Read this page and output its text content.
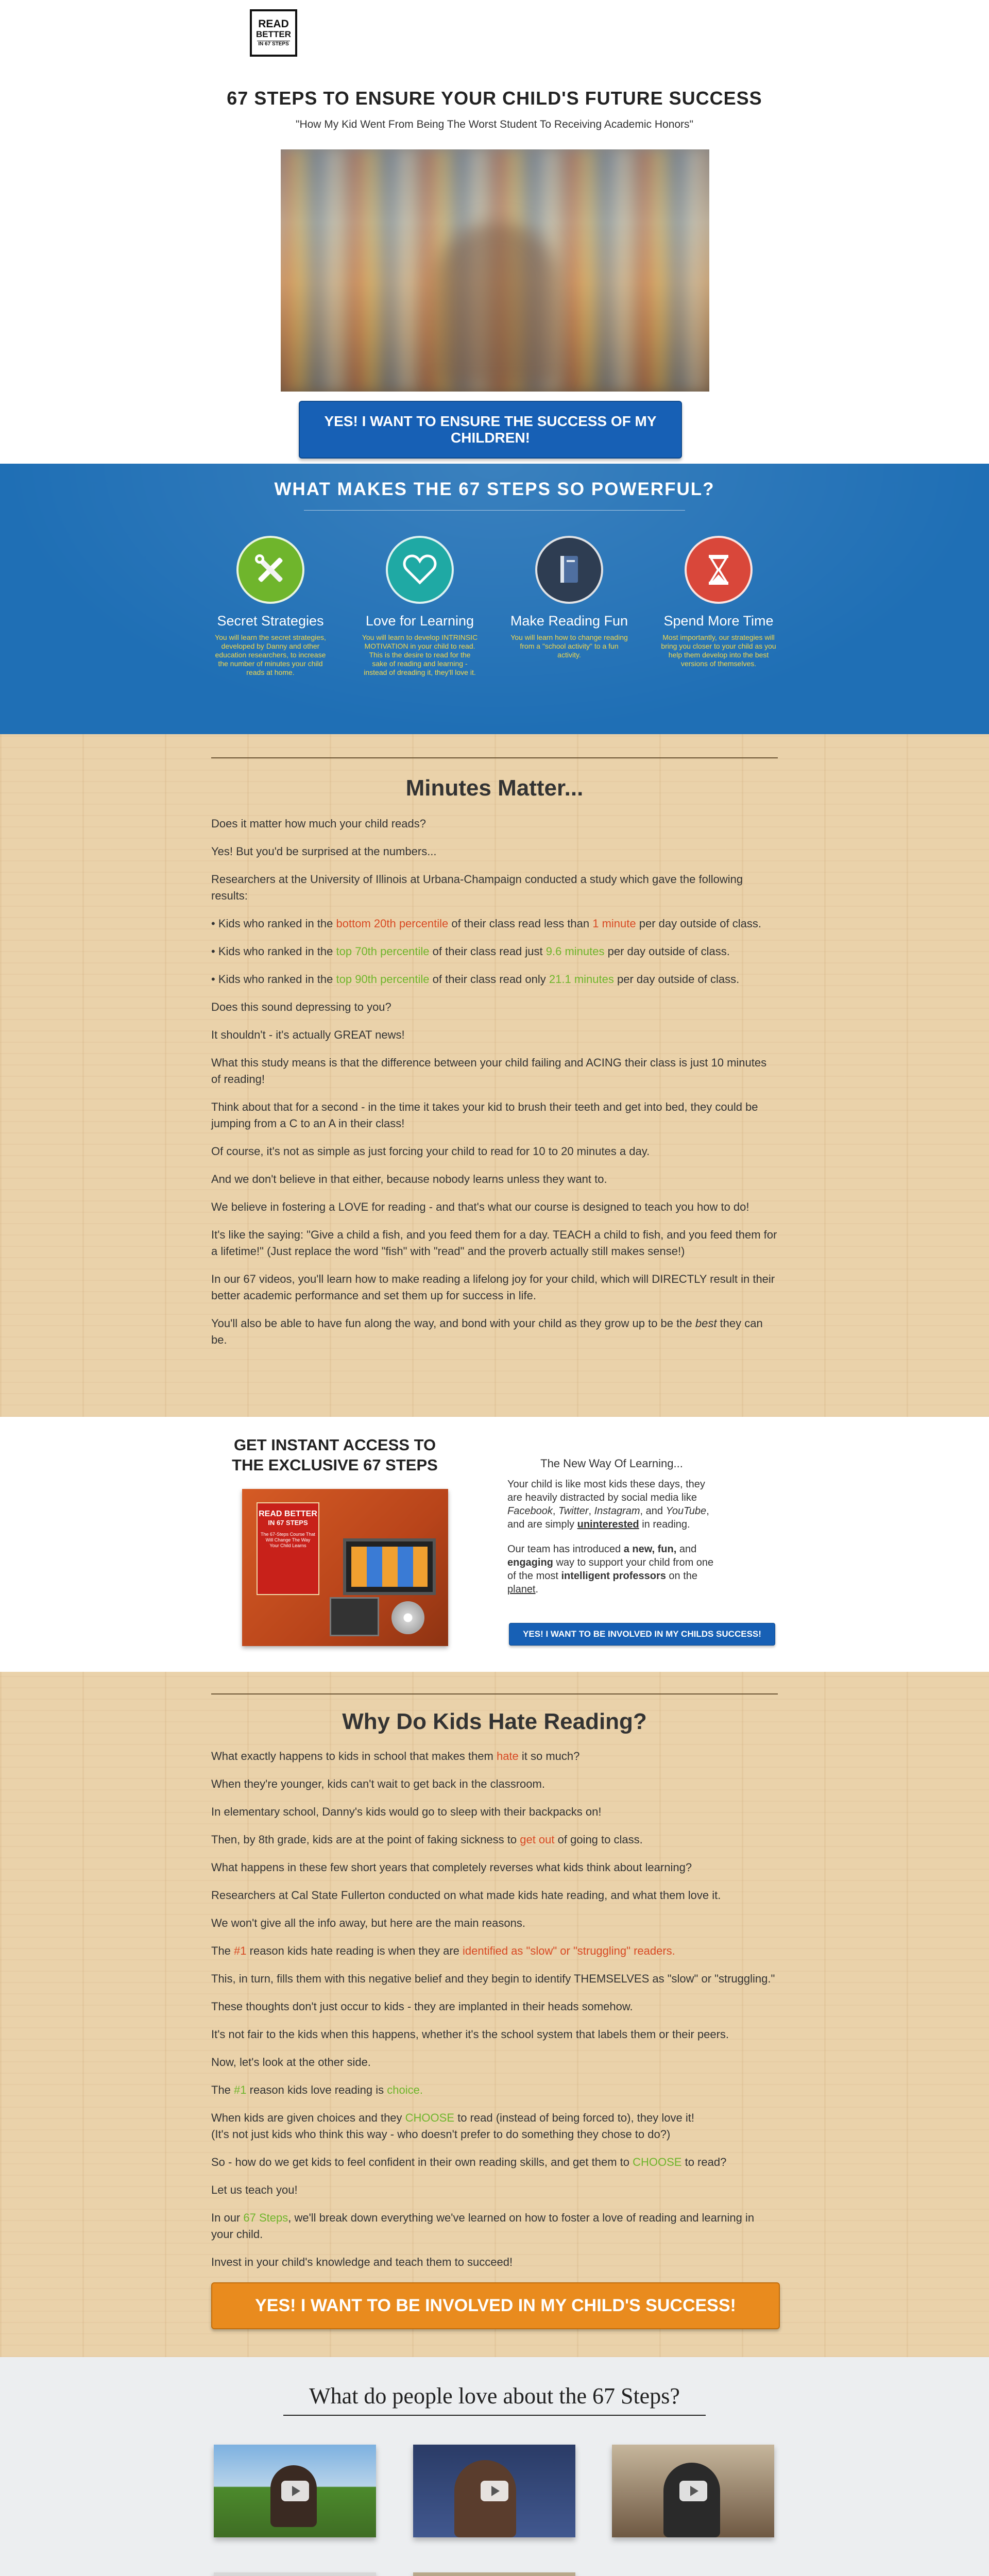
READ
BETTER
IN 67 STEPS
67 STEPS TO ENSURE YOUR CHILD'S FUTURE SUCCESS
"How My Kid Went From Being The Worst Student To Receiving Academic Honors"
YES! I WANT TO ENSURE THE SUCCESS OF MY CHILDREN!
WHAT MAKES THE 67 STEPS SO POWERFUL?
Secret Strategies

You will learn the secret strategies, developed by Danny and other education researchers, to increase the number of minutes your child reads at home.

Love for Learning

You will learn to develop INTRINSIC MOTIVATION in your child to read. This is the desire to read for the sake of reading and learning - instead of dreading it, they'll love it.

Make Reading Fun

You will learn how to change reading from a "school activity" to a fun activity.

Spend More Time

Most importantly, our strategies will bring you closer to your child as you help them develop into the best versions of themselves.

Minutes Matter...

Does it matter how much your child reads?

Yes! But you'd be surprised at the numbers...

Researchers at the University of Illinois at Urbana-Champaign conducted a study which gave the following results:

• Kids who ranked in the bottom 20th percentile of their class read less than 1 minute per day outside of class.

• Kids who ranked in the top 70th percentile of their class read just 9.6 minutes per day outside of class.

• Kids who ranked in the top 90th percentile of their class read only 21.1 minutes per day outside of class.

Does this sound depressing to you?

It shouldn't - it's actually GREAT news!

What this study means is that the difference between your child failing and ACING their class is just 10 minutes of reading!

Think about that for a second - in the time it takes your kid to brush their teeth and get into bed, they could be jumping from a C to an A in their class!

Of course, it's not as simple as just forcing your child to read for 10 to 20 minutes a day.

And we don't believe in that either, because nobody learns unless they want to.

We believe in fostering a LOVE for reading - and that's what our course is designed to teach you how to do!

It's like the saying: "Give a child a fish, and you feed them for a day. TEACH a child to fish, and you feed them for a lifetime!" (Just replace the word "fish" with "read" and the proverb actually still makes sense!)

In our 67 videos, you'll learn how to make reading a lifelong joy for your child, which will DIRECTLY result in their better academic performance and set them up for success in life.

You'll also be able to have fun along the way, and bond with your child as they grow up to be the best they can be.

GET INSTANT ACCESS TO THE EXCLUSIVE 67 STEPS
READ BETTER
IN 67 STEPS
The 67-Steps Course That Will Change The Way Your Child Learns
The New Way Of Learning...

Your child is like most kids these days, they are heavily distracted by social media like Facebook, Twitter, Instagram, and YouTube, and are simply uninterested in reading.

Our team has introduced a new, fun, and engaging way to support your child from one of the most intelligent professors on the planet.

YES! I WANT TO BE INVOLVED IN MY CHILDS SUCCESS!
Why Do Kids Hate Reading?

What exactly happens to kids in school that makes them hate it so much?

When they're younger, kids can't wait to get back in the classroom.

In elementary school, Danny's kids would go to sleep with their backpacks on!

Then, by 8th grade, kids are at the point of faking sickness to get out of going to class.

What happens in these few short years that completely reverses what kids think about learning?

Researchers at Cal State Fullerton conducted on what made kids hate reading, and what them love it.

We won't give all the info away, but here are the main reasons.

The #1 reason kids hate reading is when they are identified as "slow" or "struggling" readers.

This, in turn, fills them with this negative belief and they begin to identify THEMSELVES as "slow" or "struggling."

These thoughts don't just occur to kids - they are implanted in their heads somehow.

It's not fair to the kids when this happens, whether it's the school system that labels them or their peers.

Now, let's look at the other side.

The #1 reason kids love reading is choice.

When kids are given choices and they CHOOSE to read (instead of being forced to), they love it!
(It's not just kids who think this way - who doesn't prefer to do something they chose to do?)

So - how do we get kids to feel confident in their own reading skills, and get them to CHOOSE to read?

Let us teach you!

In our 67 Steps, we'll break down everything we've learned on how to foster a love of reading and learning in your child.

Invest in your child's knowledge and teach them to succeed!

YES! I WANT TO BE INVOLVED IN MY CHILD'S SUCCESS!
What do people love about the 67 Steps?
